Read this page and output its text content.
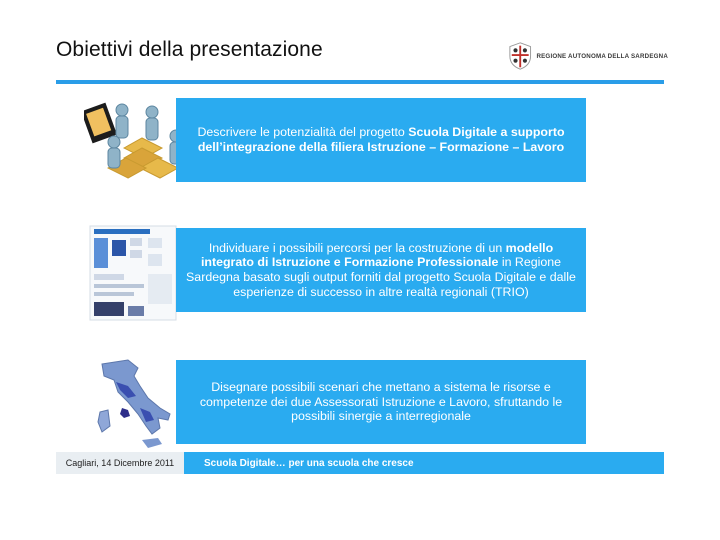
Obiettivi della presentazione	REGIONE AUTONOMA DELLA SARDEGNA
Descrivere le potenzialità del progetto Scuola Digitale a supporto dell’integrazione della filiera Istruzione – Formazione – Lavoro
Individuare i possibili percorsi per la costruzione di un modello integrato di Istruzione e Formazione Professionale in Regione Sardegna basato sugli output forniti dal progetto Scuola Digitale e dalle esperienze di successo in altre realtà regionali (TRIO)
Disegnare possibili scenari che mettano a sistema le risorse e competenze dei due Assessorati Istruzione e Lavoro, sfruttando le possibili sinergie a interregionale
Cagliari, 14 Dicembre 2011	Scuola Digitale… per una scuola che cresce
